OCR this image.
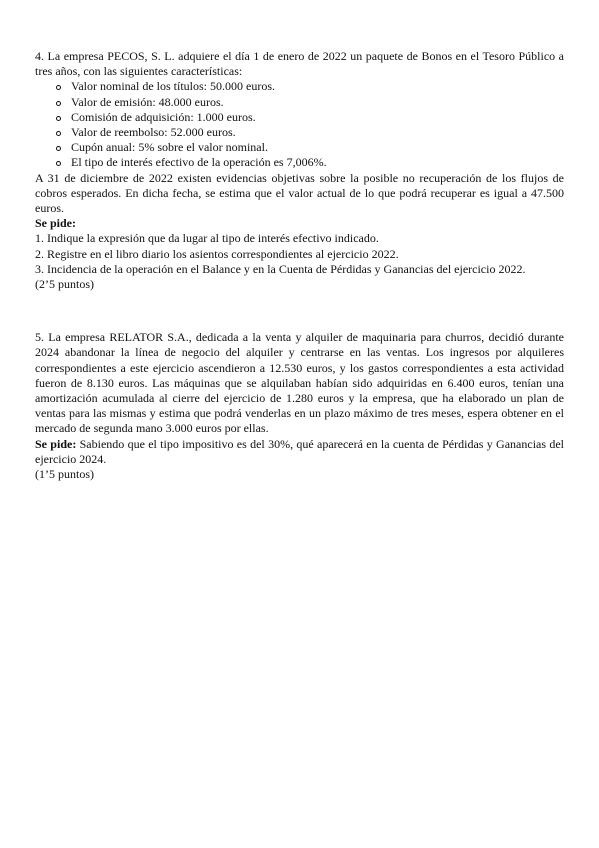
4. La empresa PECOS, S. L. adquiere el día 1 de enero de 2022 un paquete de Bonos en el Tesoro Público a tres años, con las siguientes características:

Valor nominal de los títulos: 50.000 euros.
Valor de emisión: 48.000 euros.
Comisión de adquisición: 1.000 euros.
Valor de reembolso: 52.000 euros.
Cupón anual: 5% sobre el valor nominal.
El tipo de interés efectivo de la operación es 7,006%.

A 31 de diciembre de 2022 existen evidencias objetivas sobre la posible no recuperación de los flujos de cobros esperados. En dicha fecha, se estima que el valor actual de lo que podrá recuperar es igual a 47.500 euros.

Se pide:

1. Indique la expresión que da lugar al tipo de interés efectivo indicado.

2. Registre en el libro diario los asientos correspondientes al ejercicio 2022.

3. Incidencia de la operación en el Balance y en la Cuenta de Pérdidas y Ganancias del ejercicio 2022.

(2’5 puntos)

5. La empresa RELATOR S.A., dedicada a la venta y alquiler de maquinaria para churros, decidió durante 2024 abandonar la línea de negocio del alquiler y centrarse en las ventas. Los ingresos por alquileres correspondientes a este ejercicio ascendieron a 12.530 euros, y los gastos correspondientes a esta actividad fueron de 8.130 euros. Las máquinas que se alquilaban habían sido adquiridas en 6.400 euros, tenían una amortización acumulada al cierre del ejercicio de 1.280 euros y la empresa, que ha elaborado un plan de ventas para las mismas y estima que podrá venderlas en un plazo máximo de tres meses, espera obtener en el mercado de segunda mano 3.000 euros por ellas.

Se pide: Sabiendo que el tipo impositivo es del 30%, qué aparecerá en la cuenta de Pérdidas y Ganancias del ejercicio 2024.

(1’5 puntos)
